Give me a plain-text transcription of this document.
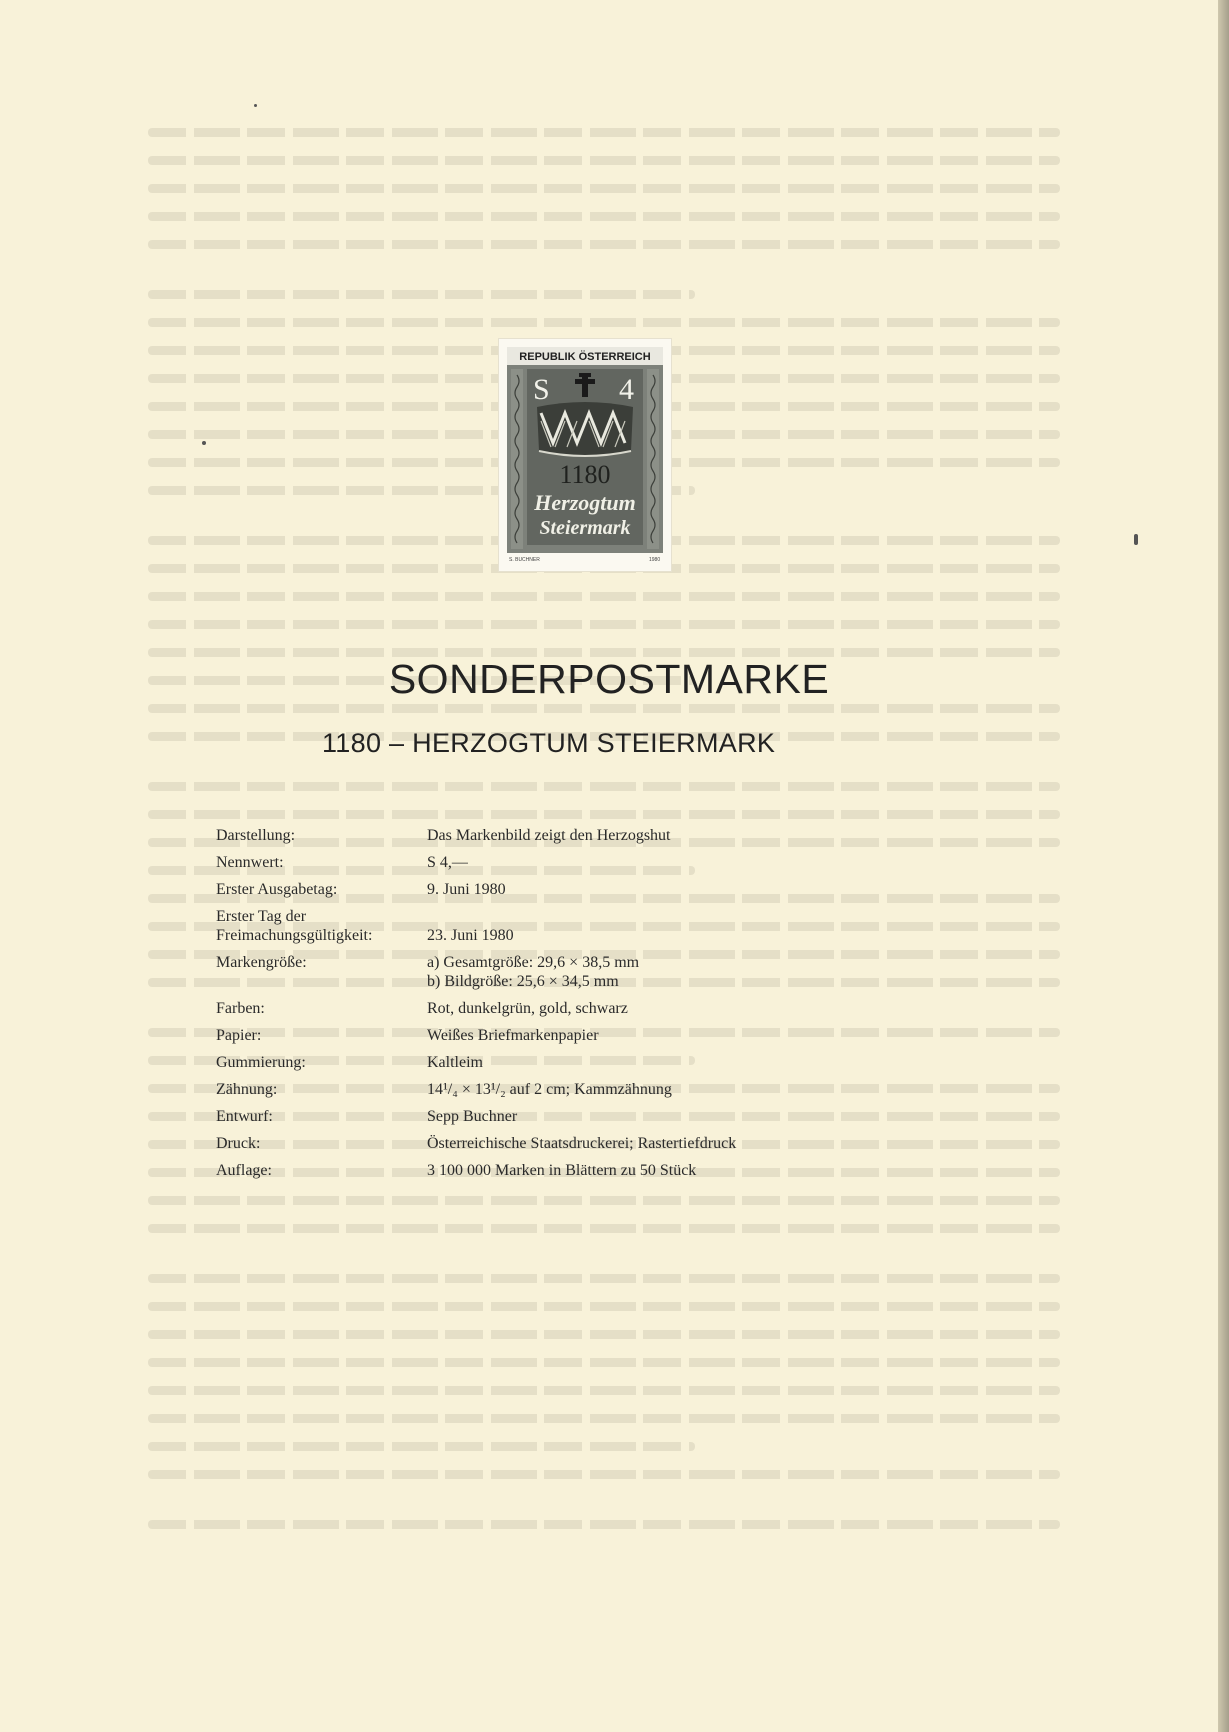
REPUBLIK ÖSTERREICH
S 4
1180
Herzogtum
Steiermark
S. BUCHNER	1980
SONDERPOSTMARKE
1180 – HERZOGTUM STEIERMARK
Darstellung:	Das Markenbild zeigt den Herzogshut
Nennwert:	S 4,—
Erster Ausgabetag:	9. Juni 1980
Erster Tag der
Freimachungsgültigkeit:	23. Juni 1980
Markengröße:	a) Gesamtgröße: 29,6 × 38,5 mm
b) Bildgröße: 25,6 × 34,5 mm
Farben:	Rot, dunkelgrün, gold, schwarz
Papier:	Weißes Briefmarkenpapier
Gummierung:	Kaltleim
Zähnung:	14¹/₄ × 13¹/₂ auf 2 cm; Kammzähnung
Entwurf:	Sepp Buchner
Druck:	Österreichische Staatsdruckerei; Rastertiefdruck
Auflage:	3 100 000 Marken in Blättern zu 50 Stück
